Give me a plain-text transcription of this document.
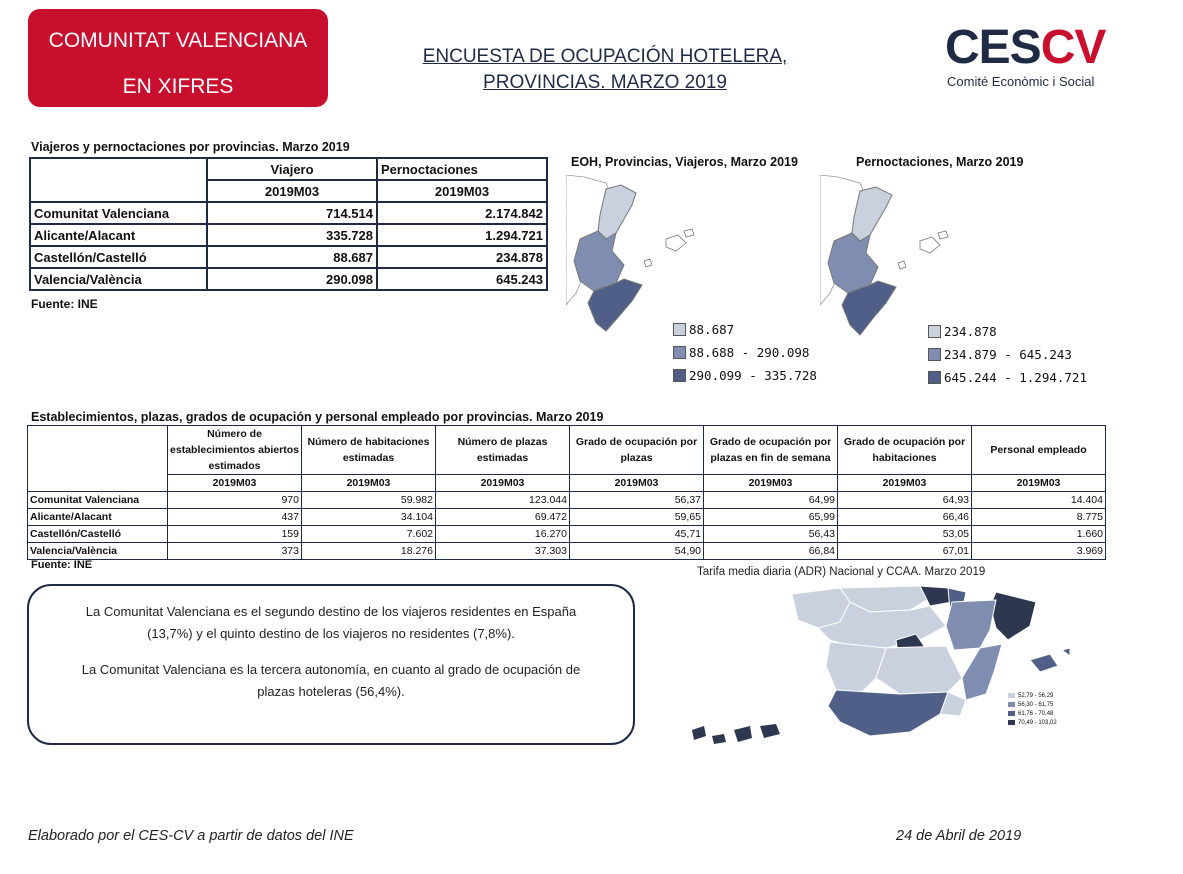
COMUNITAT VALENCIANA
EN XIFRES
ENCUESTA DE OCUPACIÓN HOTELERA,
PROVINCIAS. MARZO 2019
CESCV
Comité Econòmic i Social
Viajeros y pernoctaciones por provincias. Marzo 2019
	Viajero	Pernoctaciones
	2019M03	2019M03
Comunitat Valenciana	714.514	2.174.842
Alicante/Alacant	335.728	1.294.721
Castellón/Castelló	88.687	234.878
Valencia/València	290.098	645.243
Fuente: INE
EOH, Provincias, Viajeros, Marzo 2019
88.687
88.688 - 290.098
290.099 - 335.728
Pernoctaciones, Marzo 2019
234.878
234.879 - 645.243
645.244 - 1.294.721
Establecimientos, plazas, grados de ocupación y personal empleado por provincias. Marzo 2019
	Número de establecimientos abiertos estimados	Número de habitaciones estimadas	Número de plazas estimadas	Grado de ocupación por plazas	Grado de ocupación por plazas en fin de semana	Grado de ocupación por habitaciones	Personal empleado
	2019M03	2019M03	2019M03	2019M03	2019M03	2019M03	2019M03
Comunitat Valenciana	970	59.982	123.044	56,37	64,99	64,93	14.404
Alicante/Alacant	437	34.104	69.472	59,65	65,99	66,46	8.775
Castellón/Castelló	159	7.602	16.270	45,71	56,43	53,05	1.660
Valencia/València	373	18.276	37.303	54,90	66,84	67,01	3.969
Fuente: INE

La Comunitat Valenciana es el segundo destino de los viajeros residentes en España

(13,7%) y el quinto destino de los viajeros no residentes (7,8%).

La Comunitat Valenciana es la tercera autonomía, en cuanto al grado de ocupación de

plazas hoteleras (56,4%).

Tarifa media diaria (ADR) Nacional y CCAA. Marzo 2019
52,79 - 56,29
56,30 - 61,75
61,76 - 70,48
70,49 - 103,02
Elaborado por el CES-CV a partir de datos del INE	24 de Abril de 2019
